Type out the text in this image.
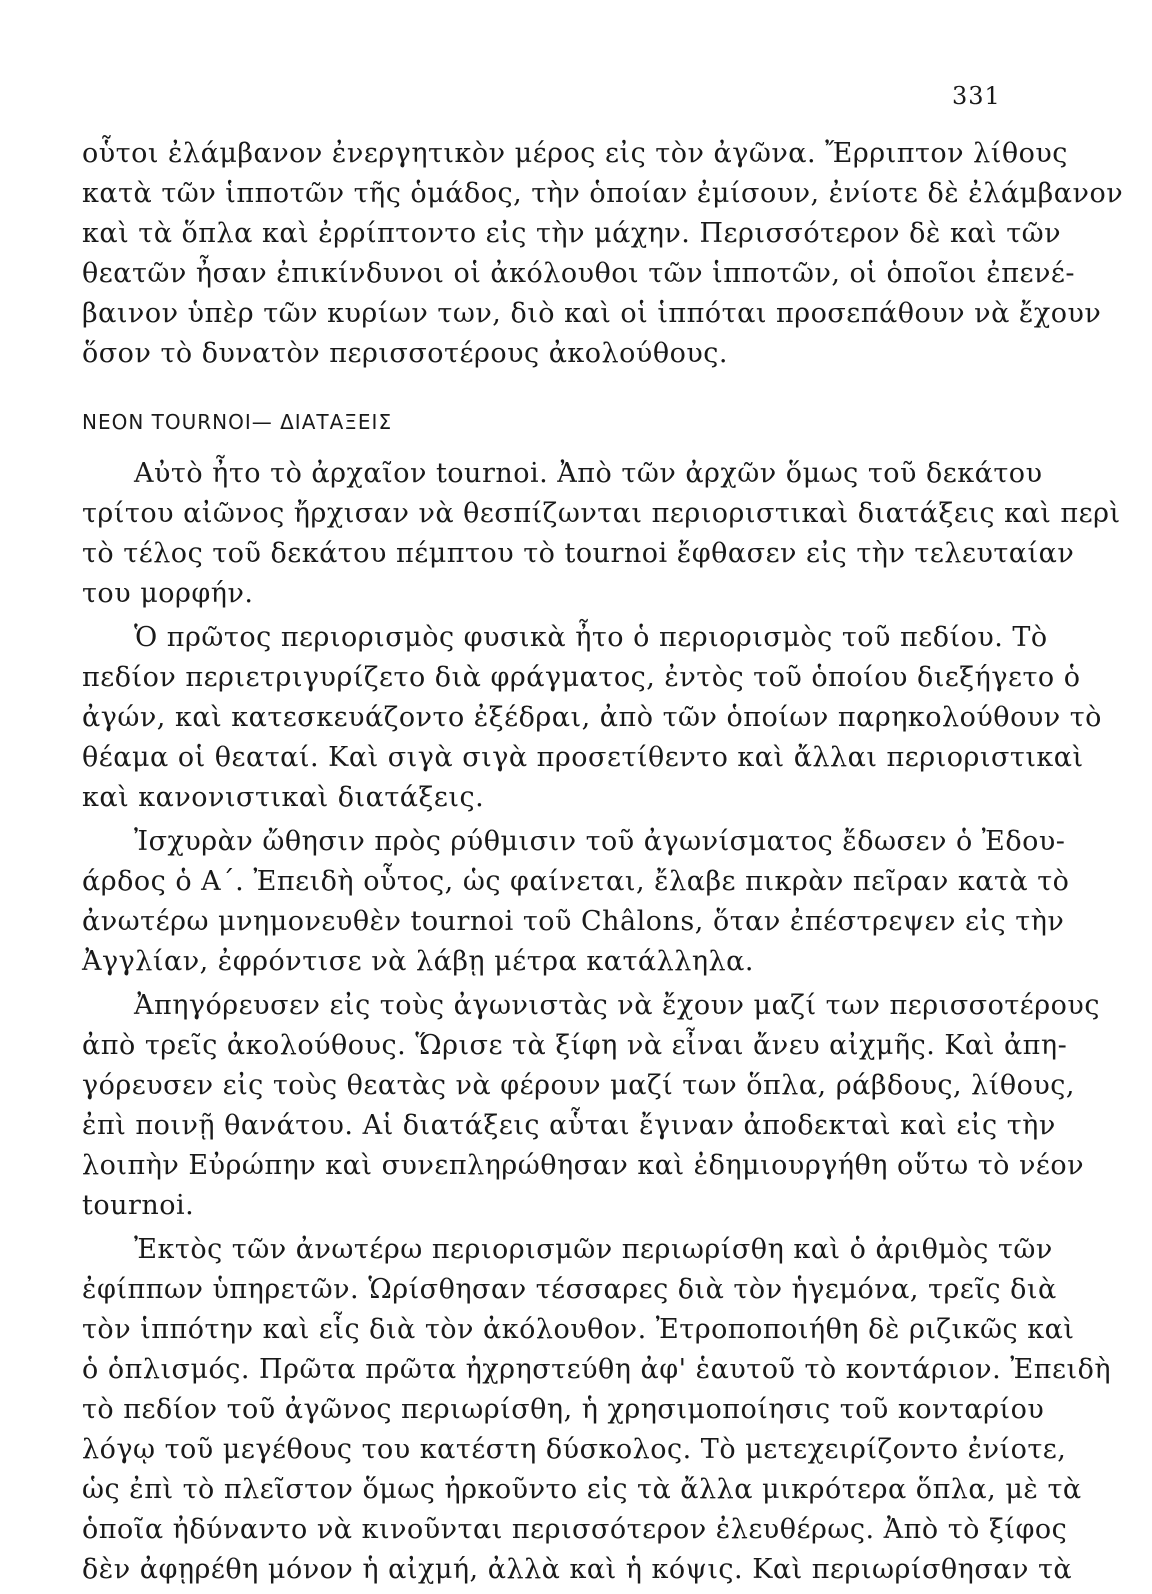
331
οὗτοι ἐλάμβανον ἐνεργητικὸν μέρος εἰς τὸν ἀγῶνα. Ἔρριπτον λίθους
κατὰ τῶν ἱπποτῶν τῆς ὁμάδος, τὴν ὁποίαν ἐμίσουν, ἐνίοτε δὲ ἐλάμβανον
καὶ τὰ ὅπλα καὶ ἐρρίπτοντο εἰς τὴν μάχην. Περισσότερον δὲ καὶ τῶν
θεατῶν ἦσαν ἐπικίνδυνοι οἱ ἀκόλουθοι τῶν ἱπποτῶν, οἱ ὁποῖοι ἐπενέ-
βαινον ὑπὲρ τῶν κυρίων των, διὸ καὶ οἱ ἱππόται προσεπάθουν νὰ ἔχουν
ὅσον τὸ δυνατὸν περισσοτέρους ἀκολούθους.
ΝΕΟΝ TOURNOI— ΔΙΑΤΑΞΕΙΣ
Αὐτὸ ἦτο τὸ ἀρχαῖον tournoi. Ἀπὸ τῶν ἀρχῶν ὅμως τοῦ δεκάτου
τρίτου αἰῶνος ἤρχισαν νὰ θεσπίζωνται περιοριστικαὶ διατάξεις καὶ περὶ
τὸ τέλος τοῦ δεκάτου πέμπτου τὸ tournoi ἔφθασεν εἰς τὴν τελευταίαν
του μορφήν.
Ὁ πρῶτος περιορισμὸς φυσικὰ ἦτο ὁ περιορισμὸς τοῦ πεδίου. Τὸ
πεδίον περιετριγυρίζετο διὰ φράγματος, ἐντὸς τοῦ ὁποίου διεξήγετο ὁ
ἀγών, καὶ κατεσκευάζοντο ἐξέδραι, ἀπὸ τῶν ὁποίων παρηκολούθουν τὸ
θέαμα οἱ θεαταί. Καὶ σιγὰ σιγὰ προσετίθεντο καὶ ἄλλαι περιοριστικαὶ
καὶ κανονιστικαὶ διατάξεις.
Ἰσχυρὰν ὤθησιν πρὸς ρύθμισιν τοῦ ἀγωνίσματος ἔδωσεν ὁ Ἐδου-
άρδος ὁ Α΄. Ἐπειδὴ οὗτος, ὡς φαίνεται, ἔλαβε πικρὰν πεῖραν κατὰ τὸ
ἀνωτέρω μνημονευθὲν tournoi τοῦ Châlons, ὅταν ἐπέστρεψεν εἰς τὴν
Ἀγγλίαν, ἐφρόντισε νὰ λάβῃ μέτρα κατάλληλα.
Ἀπηγόρευσεν εἰς τοὺς ἀγωνιστὰς νὰ ἔχουν μαζί των περισσοτέρους
ἀπὸ τρεῖς ἀκολούθους. Ὥρισε τὰ ξίφη νὰ εἶναι ἄνευ αἰχμῆς. Καὶ ἀπη-
γόρευσεν εἰς τοὺς θεατὰς νὰ φέρουν μαζί των ὅπλα, ράβδους, λίθους,
ἐπὶ ποινῇ θανάτου. Αἱ διατάξεις αὗται ἔγιναν ἀποδεκταὶ καὶ εἰς τὴν
λοιπὴν Εὐρώπην καὶ συνεπληρώθησαν καὶ ἐδημιουργήθη οὕτω τὸ νέον
tournoi.
Ἐκτὸς τῶν ἀνωτέρω περιορισμῶν περιωρίσθη καὶ ὁ ἀριθμὸς τῶν
ἐφίππων ὑπηρετῶν. Ὡρίσθησαν τέσσαρες διὰ τὸν ἡγεμόνα, τρεῖς διὰ
τὸν ἱππότην καὶ εἷς διὰ τὸν ἀκόλουθον. Ἐτροποποιήθη δὲ ριζικῶς καὶ
ὁ ὁπλισμός. Πρῶτα πρῶτα ἠχρηστεύθη ἀφ' ἑαυτοῦ τὸ κοντάριον. Ἐπειδὴ
τὸ πεδίον τοῦ ἀγῶνος περιωρίσθη, ἡ χρησιμοποίησις τοῦ κονταρίου
λόγῳ τοῦ μεγέθους του κατέστη δύσκολος. Τὸ μετεχειρίζοντο ἐνίοτε,
ὡς ἐπὶ τὸ πλεῖστον ὅμως ἠρκοῦντο εἰς τὰ ἄλλα μικρότερα ὅπλα, μὲ τὰ
ὁποῖα ἠδύναντο νὰ κινοῦνται περισσότερον ἐλευθέρως. Ἀπὸ τὸ ξίφος
δὲν ἀφῃρέθη μόνον ἡ αἰχμή, ἀλλὰ καὶ ἡ κόψις. Καὶ περιωρίσθησαν τὰ
